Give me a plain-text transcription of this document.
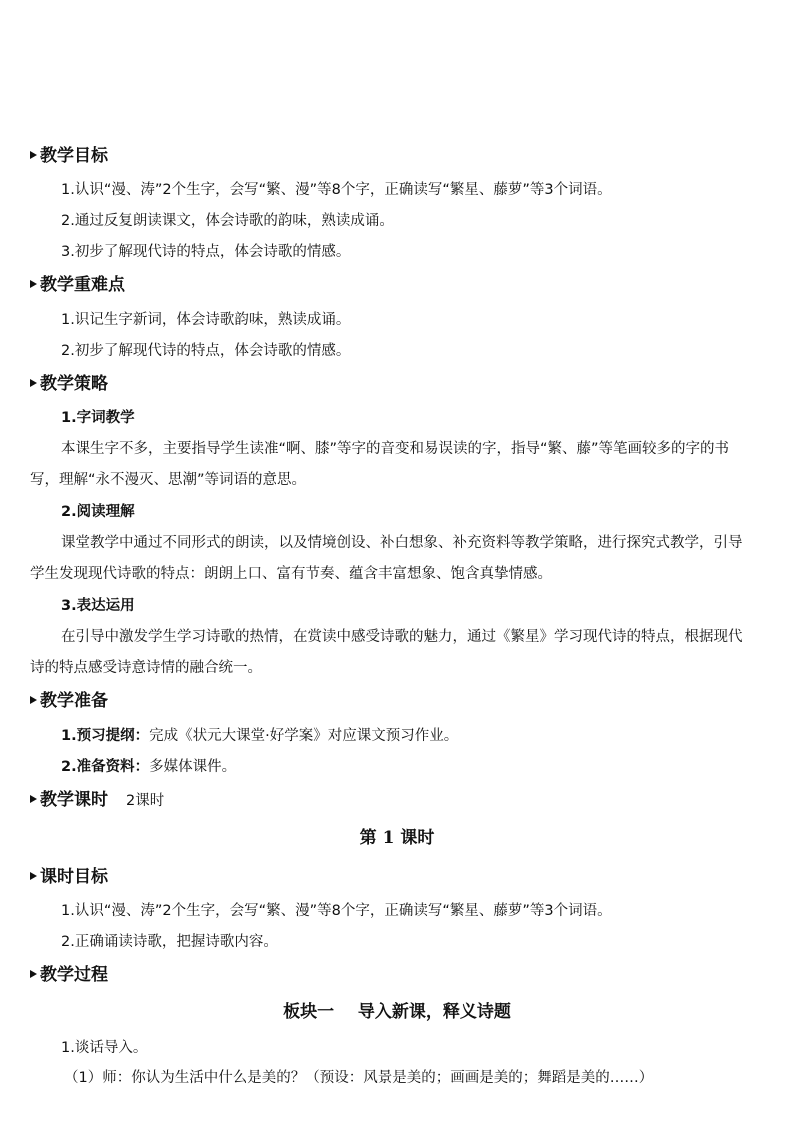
教学目标
1.认识“漫、涛”2个生字，会写“繁、漫”等8个字，正确读写“繁星、藤萝”等3个词语。
2.通过反复朗读课文，体会诗歌的韵味，熟读成诵。
3.初步了解现代诗的特点，体会诗歌的情感。
教学重难点
1.识记生字新词，体会诗歌韵味，熟读成诵。
2.初步了解现代诗的特点，体会诗歌的情感。
教学策略
1.字词教学
本课生字不多，主要指导学生读准“啊、膝”等字的音变和易误读的字，指导“繁、藤”等笔画较多的字的书写，理解“永不漫灭、思潮”等词语的意思。
2.阅读理解
课堂教学中通过不同形式的朗读，以及情境创设、补白想象、补充资料等教学策略，进行探究式教学，引导学生发现现代诗歌的特点：朗朗上口、富有节奏、蕴含丰富想象、饱含真挚情感。
3.表达运用
在引导中激发学生学习诗歌的热情，在赏读中感受诗歌的魅力，通过《繁星》学习现代诗的特点，根据现代诗的特点感受诗意诗情的融合统一。
教学准备
1.预习提纲：完成《状元大课堂·好学案》对应课文预习作业。
2.准备资料：多媒体课件。
教学课时 2课时
第 1 课时
课时目标
1.认识“漫、涛”2个生字，会写“繁、漫”等8个字，正确读写“繁星、藤萝”等3个词语。
2.正确诵读诗歌，把握诗歌内容。
教学过程
板块一    导入新课，释义诗题
1.谈话导入。
（1）师：你认为生活中什么是美的？（预设：风景是美的；画画是美的；舞蹈是美的……）
